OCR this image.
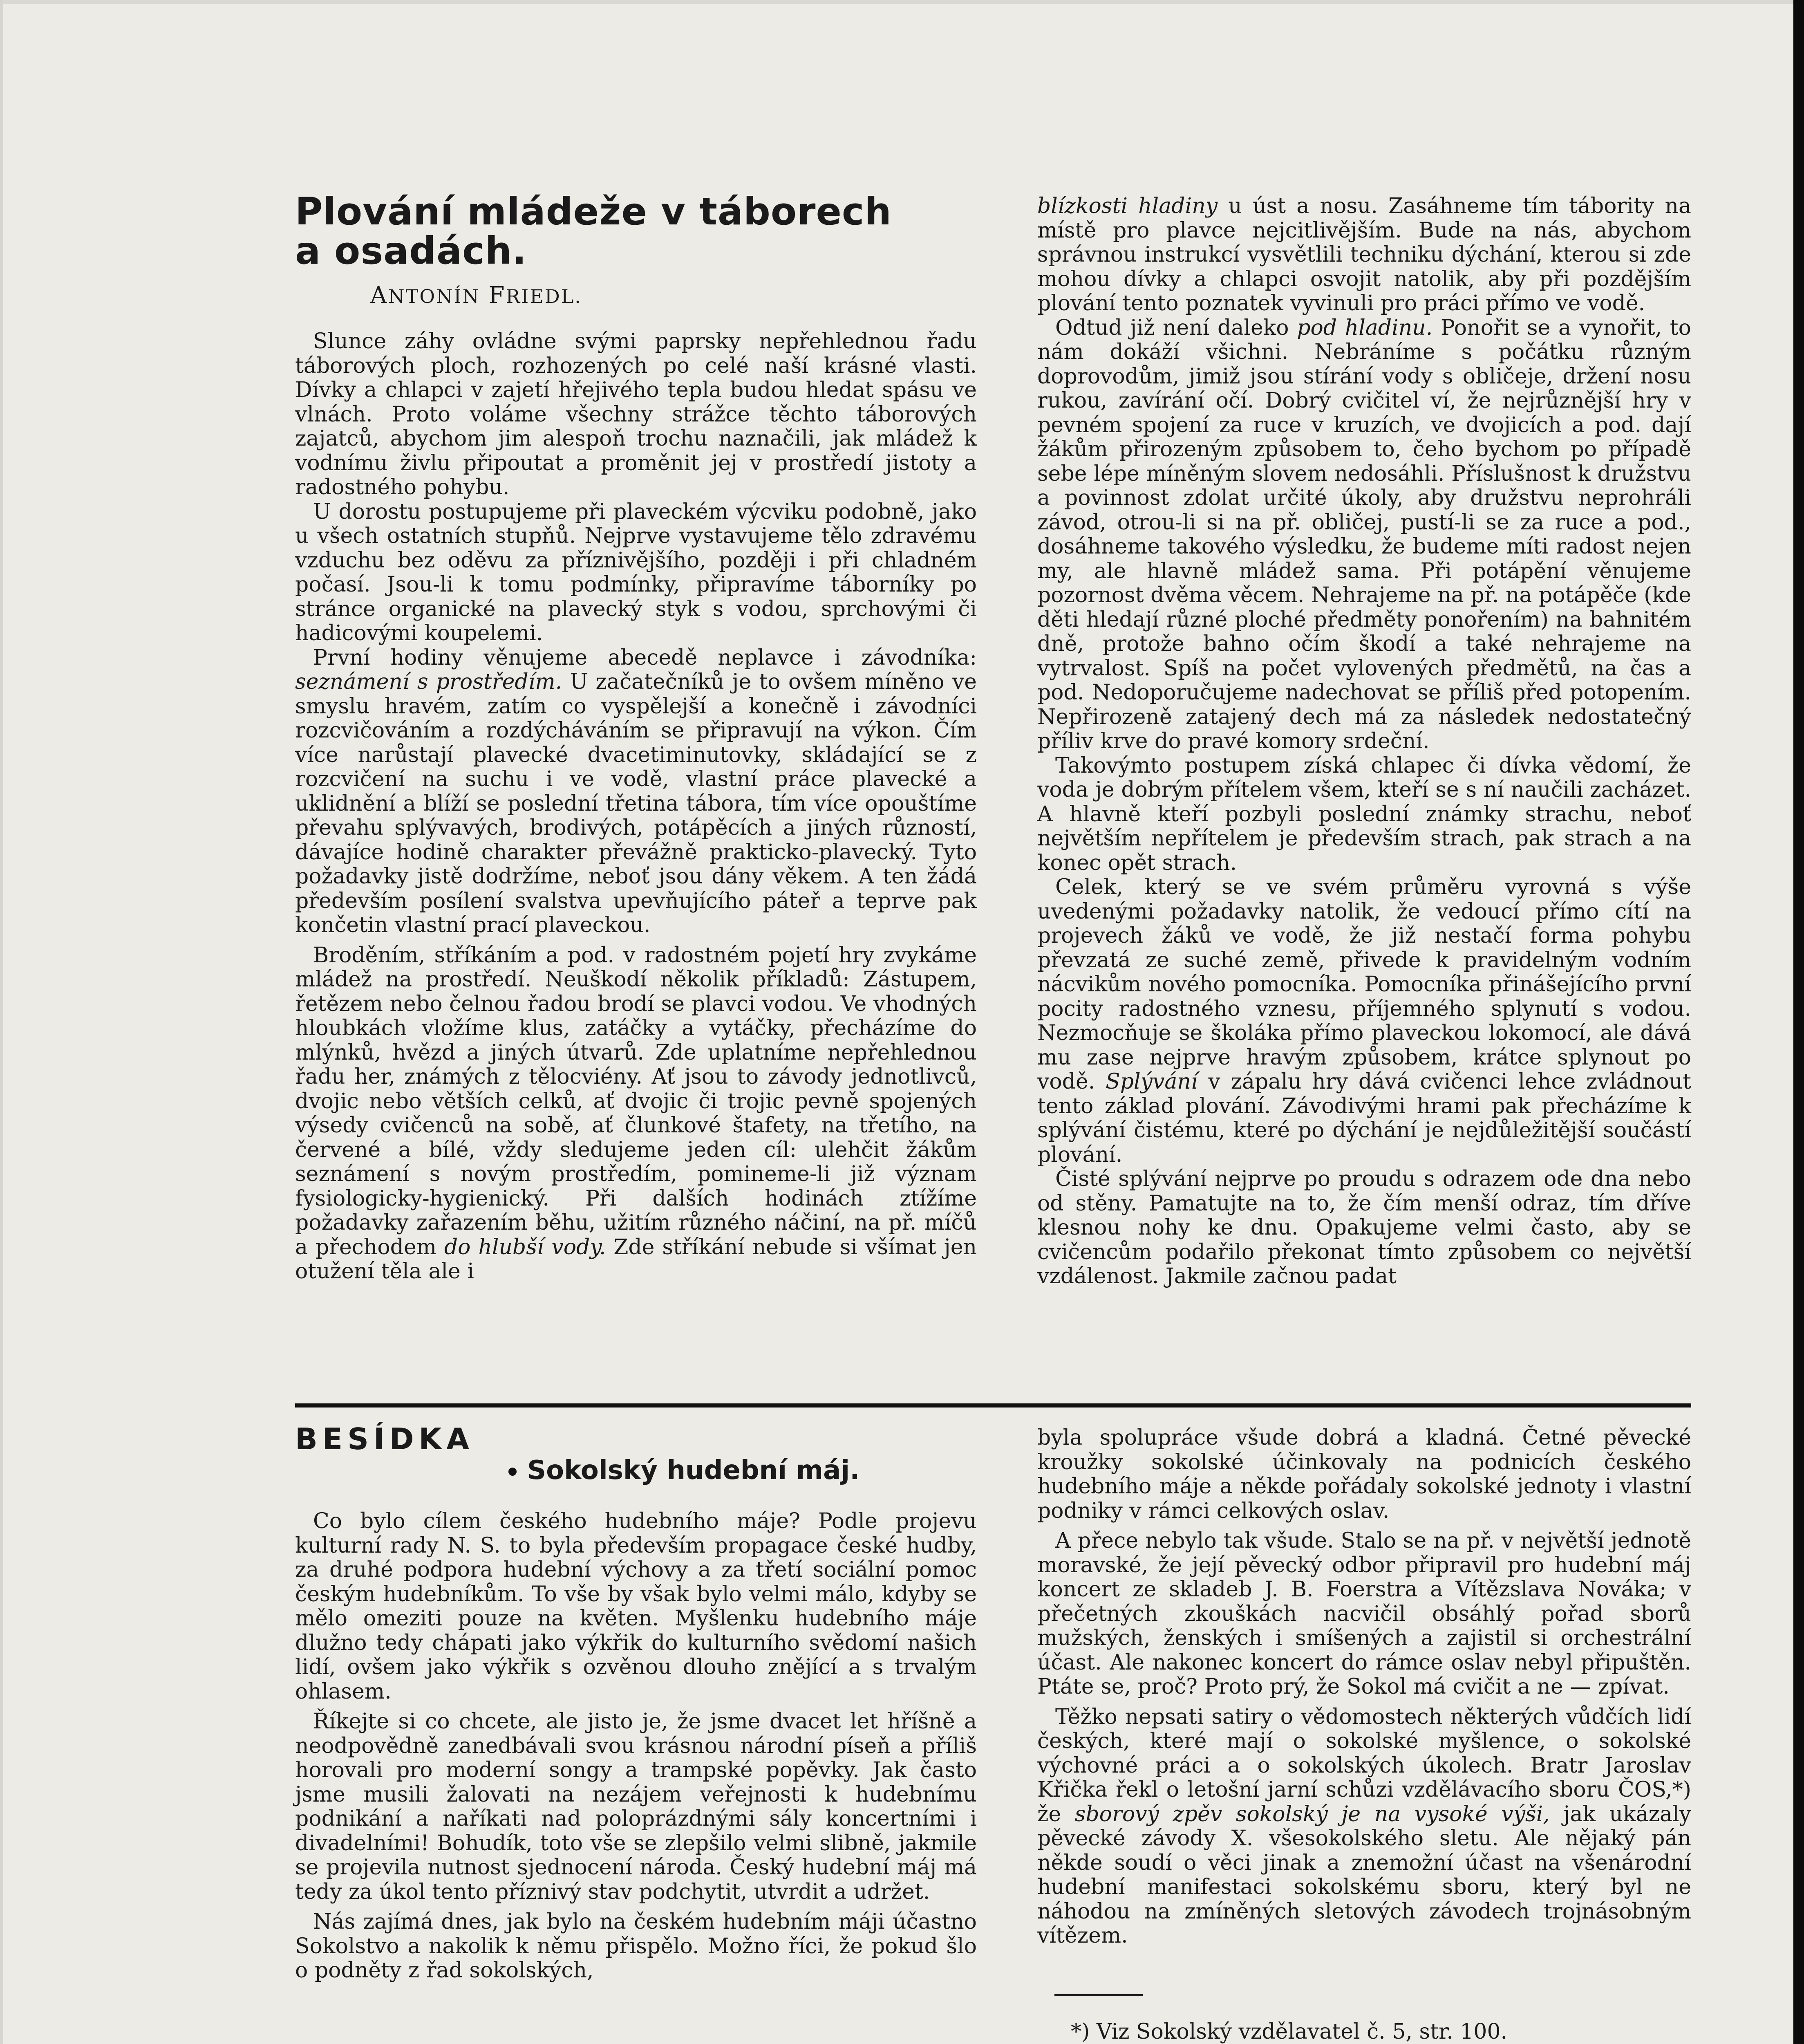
Plování mládeže v táborech
a osadách.
ANTONÍN FRIEDL.

Slunce záhy ovládne svými paprsky nepřehlednou řadu táborových ploch, rozhozených po celé naší krásné vlasti. Dívky a chlapci v zajetí hřejivého tepla budou hledat spásu ve vlnách. Proto voláme všechny strážce těchto táborových zajatců, abychom jim alespoň trochu naznačili, jak mládež k vodnímu živlu připoutat a proměnit jej v prostředí jistoty a radostného pohybu.

U dorostu postupujeme při plaveckém výcviku podobně, jako u všech ostatních stupňů. Nejprve vystavujeme tělo zdravému vzduchu bez oděvu za příznivějšího, později i při chladném počasí. Jsou-li k tomu podmínky, připravíme táborníky po stránce organické na plavecký styk s vodou, sprchovými či hadicovými koupelemi.

První hodiny věnujeme abecedě neplavce i závodníka: seznámení s prostředím. U začatečníků je to ovšem míněno ve smyslu hravém, zatím co vyspělejší a konečně i závodníci rozcvičováním a rozdýcháváním se připravují na výkon. Čím více narůstají plavecké dvacetiminutovky, skládající se z rozcvičení na suchu i ve vodě, vlastní práce plavecké a uklidnění a blíží se poslední třetina tábora, tím více opouštíme převahu splývavých, brodivých, potápěcích a jiných růzností, dávajíce hodině charakter převážně prakticko-plavecký. Tyto požadavky jistě dodržíme, neboť jsou dány věkem. A ten žádá především posílení svalstva upevňujícího páteř a teprve pak končetin vlastní prací plaveckou.

Broděním, stříkáním a pod. v radostném pojetí hry zvykáme mládež na prostředí. Neuškodí několik příkladů: Zástupem, řetězem nebo čelnou řadou brodí se plavci vodou. Ve vhodných hloubkách vložíme klus, zatáčky a vytáčky, přecházíme do mlýnků, hvězd a jiných útvarů. Zde uplatníme nepřehlednou řadu her, známých z tělocviény. Ať jsou to závody jednotlivců, dvojic nebo větších celků, ať dvojic či trojic pevně spojených výsedy cvičenců na sobě, ať člunkové štafety, na třetího, na červené a bílé, vždy sledujeme jeden cíl: ulehčit žákům seznámení s novým prostředím, pomineme-li již význam fysiologicky-hygienický. Při dalších hodinách ztížíme požadavky zařazením běhu, užitím různého náčiní, na př. míčů a přechodem do hlubší vody. Zde stříkání nebude si všímat jen otužení těla ale i

blízkosti hladiny u úst a nosu. Zasáhneme tím tábority na místě pro plavce nejcitlivějším. Bude na nás, abychom správnou instrukcí vysvětlili techniku dýchání, kterou si zde mohou dívky a chlapci osvojit natolik, aby při pozdějším plování tento poznatek vyvinuli pro práci přímo ve vodě.

Odtud již není daleko pod hladinu. Ponořit se a vynořit, to nám dokáží všichni. Nebráníme s počátku různým doprovodům, jimiž jsou stírání vody s obličeje, držení nosu rukou, zavírání očí. Dobrý cvičitel ví, že nejrůznější hry v pevném spojení za ruce v kruzích, ve dvojicích a pod. dají žákům přirozeným způsobem to, čeho bychom po případě sebe lépe míněným slovem nedosáhli. Příslušnost k družstvu a povinnost zdolat určité úkoly, aby družstvu neprohráli závod, otrou-li si na př. obličej, pustí-li se za ruce a pod., dosáhneme takového výsledku, že budeme míti radost nejen my, ale hlavně mládež sama. Při potápění věnujeme pozornost dvěma věcem. Nehrajeme na př. na potápěče (kde děti hledají různé ploché předměty ponořením) na bahnitém dně, protože bahno očím škodí a také nehrajeme na vytrvalost. Spíš na počet vylovených předmětů, na čas a pod. Nedoporučujeme nadechovat se příliš před potopením. Nepřirozeně zatajený dech má za následek nedostatečný příliv krve do pravé komory srdeční.

Takovýmto postupem získá chlapec či dívka vědomí, že voda je dobrým přítelem všem, kteří se s ní naučili zacházet. A hlavně kteří pozbyli poslední známky strachu, neboť největším nepřítelem je především strach, pak strach a na konec opět strach.

Celek, který se ve svém průměru vyrovná s výše uvedenými požadavky natolik, že vedoucí přímo cítí na projevech žáků ve vodě, že již nestačí forma pohybu převzatá ze suché země, přivede k pravidelným vodním nácvikům nového pomocníka. Pomocníka přinášejícího první pocity radostného vznesu, příjemného splynutí s vodou. Nezmocňuje se školáka přímo plaveckou lokomocí, ale dává mu zase nejprve hravým způsobem, krátce splynout po vodě. Splývání v zápalu hry dává cvičenci lehce zvládnout tento základ plování. Závodivými hrami pak přecházíme k splývání čistému, které po dýchání je nejdůležitější součástí plování.

Čisté splývání nejprve po proudu s odrazem ode dna nebo od stěny. Pamatujte na to, že čím menší odraz, tím dříve klesnou nohy ke dnu. Opakujeme velmi často, aby se cvičencům podařilo překonat tímto způsobem co největší vzdálenost. Jakmile začnou padat

BESÍDKA
Sokolský hudební máj.

Co bylo cílem českého hudebního máje? Podle projevu kulturní rady N. S. to byla především propagace české hudby, za druhé podpora hudební výchovy a za třetí sociální pomoc českým hudebníkům. To vše by však bylo velmi málo, kdyby se mělo omeziti pouze na květen. Myšlenku hudebního máje dlužno tedy chápati jako výkřik do kulturního svědomí našich lidí, ovšem jako výkřik s ozvěnou dlouho znějící a s trvalým ohlasem.

Říkejte si co chcete, ale jisto je, že jsme dvacet let hříšně a neodpovědně zanedbávali svou krásnou národní píseň a příliš horovali pro moderní songy a trampské popěvky. Jak často jsme musili žalovati na nezájem veřejnosti k hudebnímu podnikání a naříkati nad poloprázdnými sály koncertními i divadelními! Bohudík, toto vše se zlepšilo velmi slibně, jakmile se projevila nutnost sjednocení národa. Český hudební máj má tedy za úkol tento příznivý stav podchytit, utvrdit a udržet.

Nás zajímá dnes, jak bylo na českém hudebním máji účastno Sokolstvo a nakolik k němu přispělo. Možno říci, že pokud šlo o podněty z řad sokolských,

byla spolupráce všude dobrá a kladná. Četné pěvecké kroužky sokolské účinkovaly na podnicích českého hudebního máje a někde pořádaly sokolské jednoty i vlastní podniky v rámci celkových oslav.

A přece nebylo tak všude. Stalo se na př. v největší jednotě moravské, že její pěvecký odbor připravil pro hudební máj koncert ze skladeb J. B. Foerstra a Vítězslava Nováka; v přečetných zkouškách nacvičil obsáhlý pořad sborů mužských, ženských i smíšených a zajistil si orchestrální účast. Ale nakonec koncert do rámce oslav nebyl připuštěn. Ptáte se, proč? Proto prý, že Sokol má cvičit a ne — zpívat.

Těžko nepsati satiry o vědomostech některých vůdčích lidí českých, které mají o sokolské myšlence, o sokolské výchovné práci a o sokolských úkolech. Bratr Jaroslav Křička řekl o letošní jarní schůzi vzdělávacího sboru ČOS,*) že sborový zpěv sokolský je na vysoké výši, jak ukázaly pěvecké závody X. všesokolského sletu. Ale nějaký pán někde soudí o věci jinak a znemožní účast na všenárodní hudební manifestaci sokolskému sboru, který byl ne náhodou na zmíněných sletových závodech trojnásobným vítězem.

*) Viz Sokolský vzdělavatel č. 5, str. 100.
